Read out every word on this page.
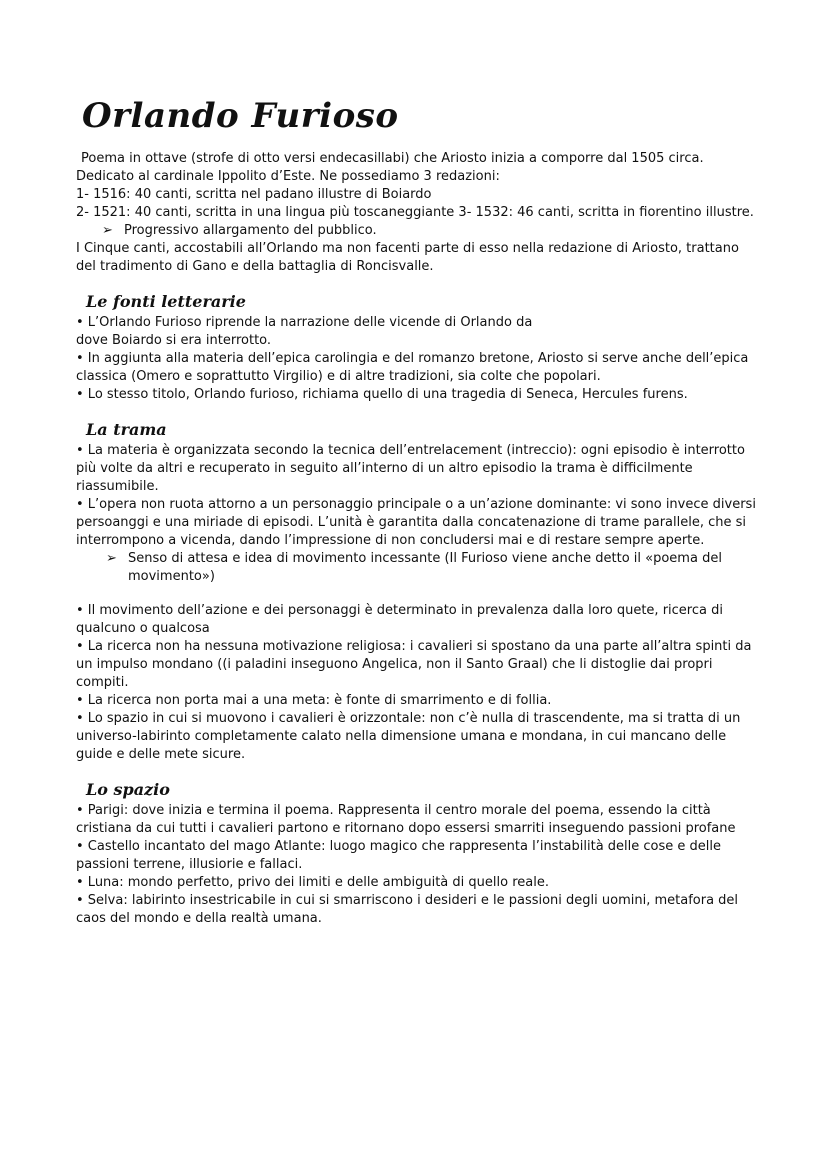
Orlando Furioso

Poema in ottave (strofe di otto versi endecasillabi) che Ariosto inizia a comporre dal 1505 circa.

Dedicato al cardinale Ippolito d’Este. Ne possediamo 3 redazioni:

1- 1516: 40 canti, scritta nel padano illustre di Boiardo

2- 1521: 40 canti, scritta in una lingua più toscaneggiante 3- 1532: 46 canti, scritta in fiorentino illustre.

➢ Progressivo allargamento del pubblico.

I Cinque canti, accostabili all’Orlando ma non facenti parte di esso nella redazione di Ariosto, trattano del tradimento di Gano e della battaglia di Roncisvalle.

Le fonti letterarie

• L’Orlando Furioso riprende la narrazione delle vicende di Orlando da

dove Boiardo si era interrotto.

• In aggiunta alla materia dell’epica carolingia e del romanzo bretone, Ariosto si serve anche dell’epica classica (Omero e soprattutto Virgilio) e di altre tradizioni, sia colte che popolari.

• Lo stesso titolo, Orlando furioso, richiama quello di una tragedia di Seneca, Hercules furens.

La trama

• La materia è organizzata secondo la tecnica dell’entrelacement (intreccio): ogni episodio è interrotto più volte da altri e recuperato in seguito all’interno di un altro episodio la trama è difficilmente riassumibile.

• L’opera non ruota attorno a un personaggio principale o a un’azione dominante: vi sono invece diversi persoanggi e una miriade di episodi. L’unità è garantita dalla concatenazione di trame parallele, che si interrompono a vicenda, dando l’impressione di non concludersi mai e di restare sempre aperte.

➢ Senso di attesa e idea di movimento incessante (Il Furioso viene anche detto il «poema del movimento»)

• Il movimento dell’azione e dei personaggi è determinato in prevalenza dalla loro quete, ricerca di qualcuno o qualcosa

• La ricerca non ha nessuna motivazione religiosa: i cavalieri si spostano da una parte all’altra spinti da un impulso mondano ((i paladini inseguono Angelica, non il Santo Graal) che li distoglie dai propri compiti.

• La ricerca non porta mai a una meta: è fonte di smarrimento e di follia.

• Lo spazio in cui si muovono i cavalieri è orizzontale: non c’è nulla di trascendente, ma si tratta di un universo-labirinto completamente calato nella dimensione umana e mondana, in cui mancano delle guide e delle mete sicure.

Lo spazio

• Parigi: dove inizia e termina il poema. Rappresenta il centro morale del poema, essendo la città cristiana da cui tutti i cavalieri partono e ritornano dopo essersi smarriti inseguendo passioni profane

• Castello incantato del mago Atlante: luogo magico che rappresenta l’instabilità delle cose e delle passioni terrene, illusiorie e fallaci.

• Luna: mondo perfetto, privo dei limiti e delle ambiguità di quello reale.

• Selva: labirinto insestricabile in cui si smarriscono i desideri e le passioni degli uomini, metafora del caos del mondo e della realtà umana.
